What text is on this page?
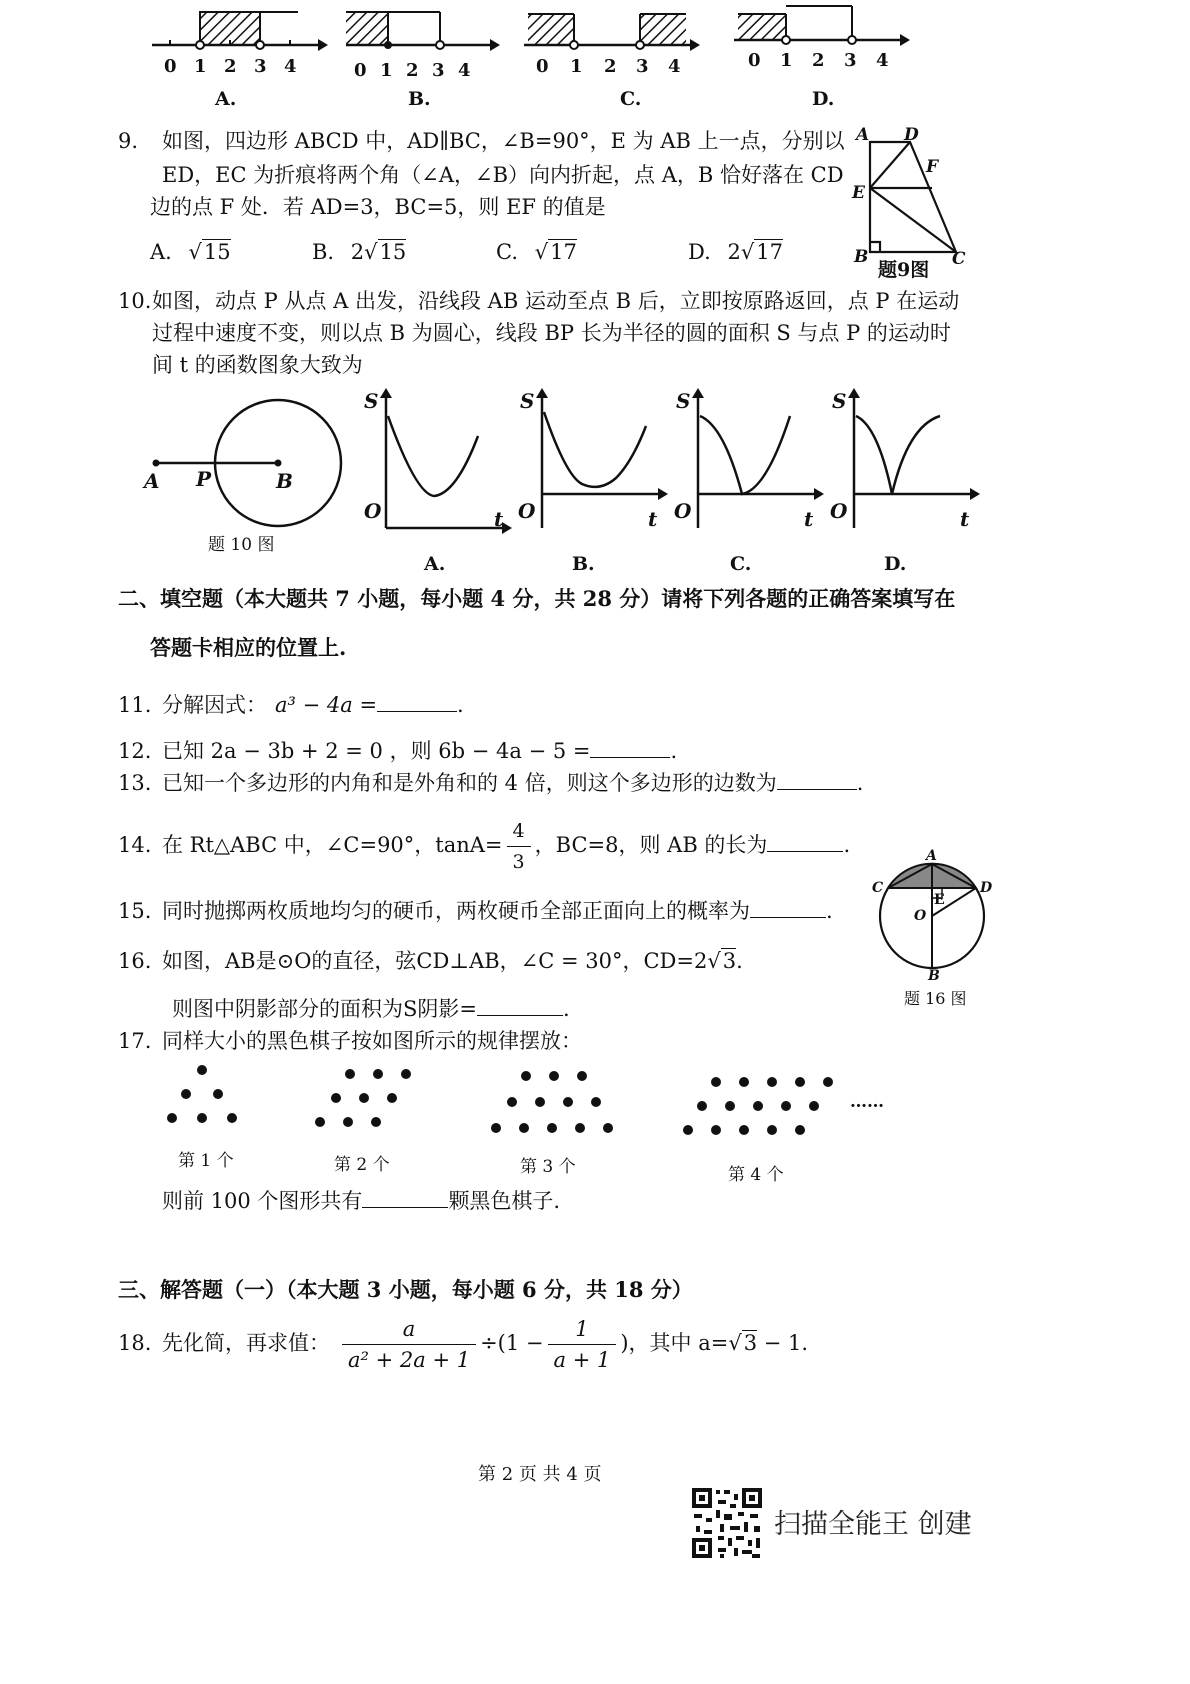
0 1 2 3 4
A.
0 1 2 3 4
B.
0 1 2 3 4
C.
0 1 2 3 4
D.
9. 如图，四边形 ABCD 中，AD∥BC，∠B=90°，E 为 AB 上一点，分别以
ED，EC 为折痕将两个角（∠A，∠B）向内折起，点 A，B 恰好落在 CD
边的点 F 处．若 AD=3，BC=5，则 EF 的值是
A. √15	B. 2√15	C. √17	D. 2√17
A D
F
E
B	C
题9图
10.如图，动点 P 从点 A 出发，沿线段 AB 运动至点 B 后，立即按原路返回，点 P 在运动
过程中速度不变，则以点 B 为圆心，线段 BP 长为半径的圆的面积 S 与点 P 的运动时
间 t 的函数图象大致为
A P	B
题 10 图
S
O	t
A.
S
O	t
B.
S
O	t
C.
S
O	t
D.
二、填空题（本大题共 7 小题，每小题 4 分，共 28 分）请将下列各题的正确答案填写在
答题卡相应的位置上.
11. 分解因式： a³ − 4a =	.
12. 已知 2a − 3b + 2 = 0 ，则 6b − 4a − 5 =	.
13. 已知一个多边形的内角和是外角和的 4 倍，则这个多边形的边数为	.
14. 在 Rt△ABC 中，∠C=90°，$\tan A= \frac{4}{3}$ ，BC=8，则 AB 的长为	.
15. 同时抛掷两枚质地均匀的硬币，两枚硬币全部正面向上的概率为	.
16. 如图，AB是⊙O的直径，弦CD⊥AB，∠C = 30°，CD=2√3.
则图中阴影部分的面积为S阴影=	.
A
C	D
E
O
B
题 16 图
17. 同样大小的黑色棋子按如图所示的规律摆放：
第 1 个	第 2 个	第 3 个
……
第 4 个
则前 100 个图形共有	颗黑色棋子.
三、解答题（一）（本大题 3 小题，每小题 6 分，共 18 分）
18. 先化简，再求值： $\frac{a}{\text{a² + 2a + 1}} \div(1 - \frac{1}{a + 1}$ )，其中 a=√3 − 1.
第 2 页 共 4 页
扫描全能王 创建
